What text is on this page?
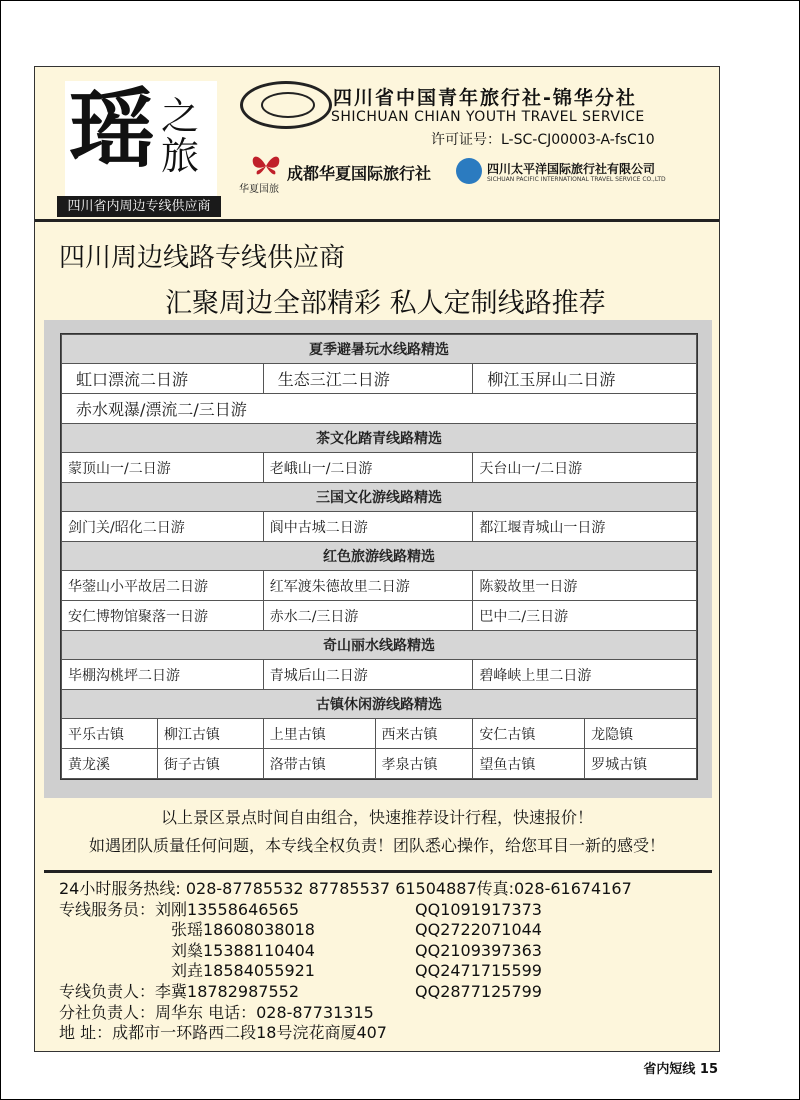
瑶 之旅
四川省内周边专线供应商
四川省中国青年旅行社-锦华分社
SHICHUAN CHIAN YOUTH TRAVEL SERVICE
许可证号：L-SC-CJ00003-A-fsC10
华夏国旅
成都华夏国际旅行社	四川太平洋国际旅行社有限公司
SICHUAN PACIFIC INTERNATIONAL TRAVEL SERVICE CO.,LTD
四川周边线路专线供应商
汇聚周边全部精彩 私人定制线路推荐
夏季避暑玩水线路精选					
虹口漂流二日游		生态三江二日游		柳江玉屏山二日游	
赤水观瀑/漂流二/三日游					
茶文化踏青线路精选					
蒙顶山一/二日游		老峨山一/二日游		天台山一/二日游	
三国文化游线路精选					
剑门关/昭化二日游		阆中古城二日游		都江堰青城山一日游	
红色旅游线路精选					
华蓥山小平故居二日游		红军渡朱德故里二日游		陈毅故里一日游	
安仁博物馆聚落一日游		赤水二/三日游		巴中二/三日游	
奇山丽水线路精选					
毕棚沟桃坪二日游		青城后山二日游		碧峰峡上里二日游	
古镇休闲游线路精选					
平乐古镇	柳江古镇	上里古镇	西来古镇	安仁古镇	龙隐镇
黄龙溪	街子古镇	洛带古镇	孝泉古镇	望鱼古镇	罗城古镇
以上景区景点时间自由组合，快速推荐设计行程，快速报价！
如遇团队质量任何问题，本专线全权负责！团队悉心操作，给您耳目一新的感受！
24小时服务热线: 028-87785532 87785537 61504887传真:028-61674167
专线服务员：刘刚13558646565	QQ1091917373
张瑶18608038018	QQ2722071044
刘燊15388110404	QQ2109397363
刘垚18584055921	QQ2471715599
专线负责人：李冀18782987552	QQ2877125799
分社负责人：周华东 电话：028-87731315
地 址：成都市一环路西二段18号浣花商厦407
省内短线 15
